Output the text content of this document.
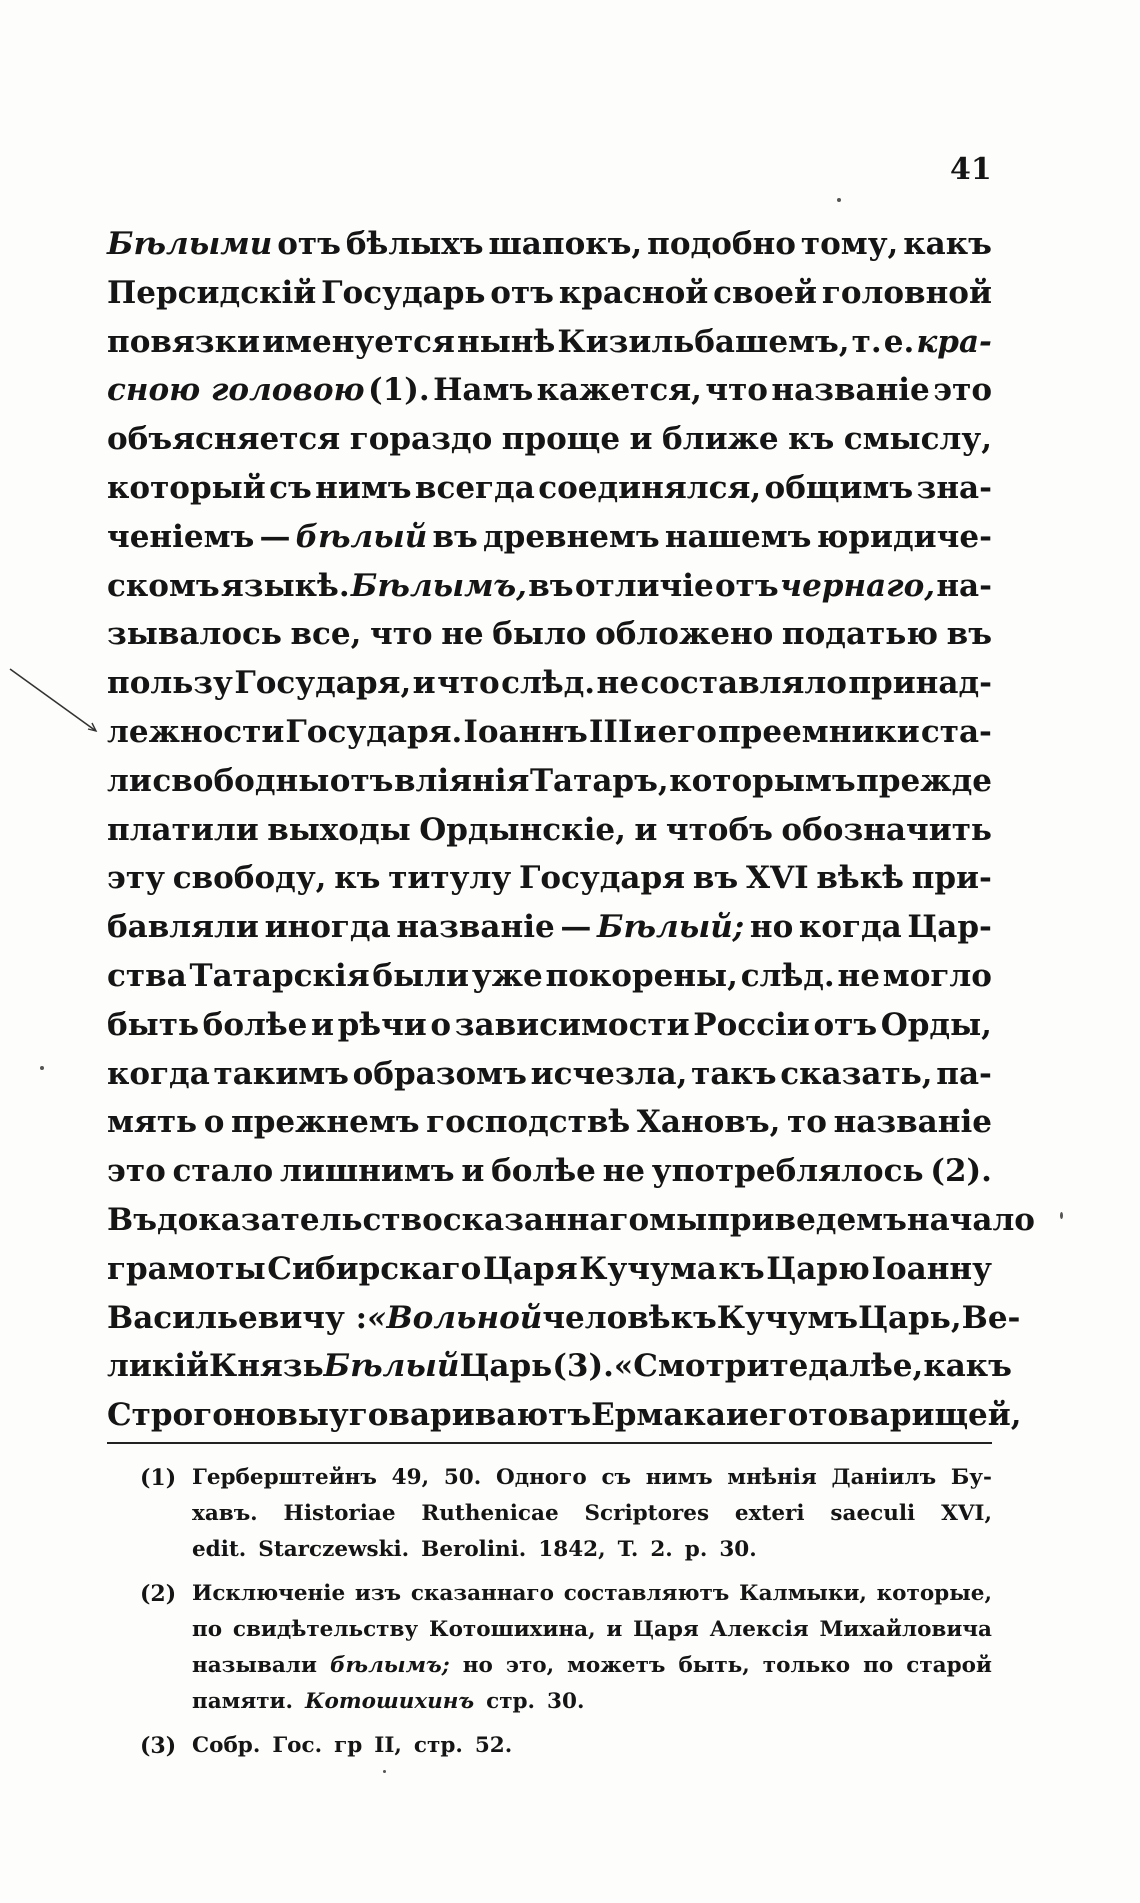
41
Бѣлыми отъ бѣлыхъ шапокъ, подобно тому, какъ
Персидскій Государь отъ красной своей головной
повязки именуется нынѣ Кизильбашемъ, т. е. кра-
сною головою (1). Намъ кажется, что названіе это
объясняется гораздо проще и ближе къ смыслу,
который съ нимъ всегда соединялся, общимъ зна-
ченіемъ — бѣлый въ древнемъ нашемъ юридиче-
скомъ языкѣ. Бѣлымъ, въ отличіе отъ чернаго, на-
зывалось все, что не было обложено податью въ
пользу Государя, и что слѣд. не составляло принад-
лежности Государя. Іоаннъ III и его преемники ста-
ли свободны отъ вліянія Татаръ, которымъ прежде
платили выходы Ордынскіе, и чтобъ обозначить
эту свободу, къ титулу Государя въ XVI вѣкѣ при-
бавляли иногда названіе — Бѣлый; но когда Цар-
ства Татарскія были уже покорены, слѣд. не могло
быть болѣе и рѣчи о зависимости Россіи отъ Орды,
когда такимъ образомъ исчезла, такъ сказать, па-
мять о прежнемъ господствѣ Хановъ, то названіе
это стало лишнимъ и болѣе не употреблялось (2).
Въ доказательство сказаннаго мы приведемъ начало
грамоты Сибирскаго Царя Кучума къ Царю Іоанну
Васильевичу : «Вольной человѣкъ Кучумъ Царь, Ве-
ликій Князь Бѣлый Царь (3). «Смотрите далѣе, какъ
Строгоновы уговариваютъ Ермака и его товарищей,
(1) Герберштейнъ 49, 50. Одного съ нимъ мнѣнія Даніилъ Бу-
хавъ. Historiae Ruthenicae Scriptores exteri saeculi XVI,
edit. Starczewski. Berolini. 1842, T. 2. p. 30.
(2) Исключеніе изъ сказаннаго составляютъ Калмыки, которые,
по свидѣтельству Котошихина, и Царя Алексія Михайловича
называли бѣлымъ; но это, можетъ быть, только по старой
памяти. Котошихинъ стр. 30.
(3) Собр. Гос. гр II, стр. 52.
